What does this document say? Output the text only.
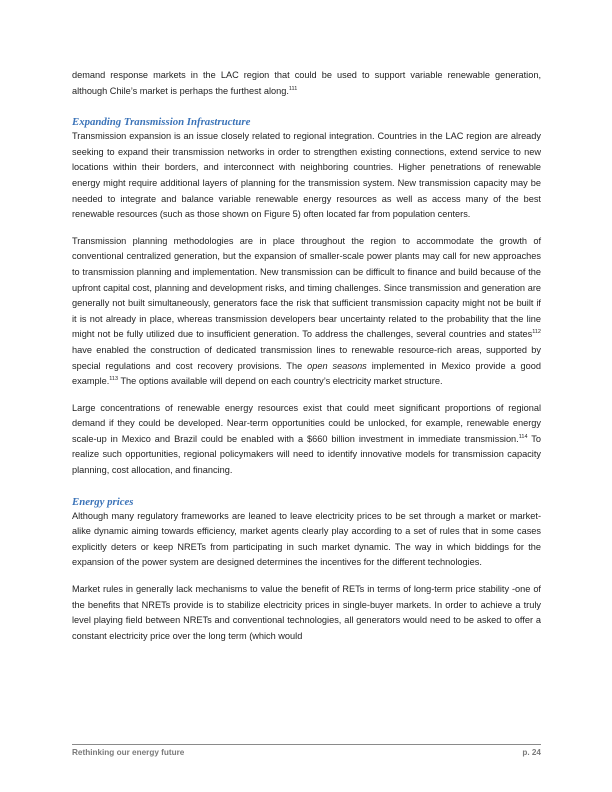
demand response markets in the LAC region that could be used to support variable renewable generation, although Chile’s market is perhaps the furthest along.$^{111}$

Expanding Transmission Infrastructure

Transmission expansion is an issue closely related to regional integration. Countries in the LAC region are already seeking to expand their transmission networks in order to strengthen existing connections, extend service to new locations within their borders, and interconnect with neighboring countries. Higher penetrations of renewable energy might require additional layers of planning for the transmission system. New transmission capacity may be needed to integrate and balance variable renewable energy resources as well as access many of the best renewable resources (such as those shown on Figure 5) often located far from population centers.

Transmission planning methodologies are in place throughout the region to accommodate the growth of conventional centralized generation, but the expansion of smaller-scale power plants may call for new approaches to transmission planning and implementation. New transmission can be difficult to finance and build because of the upfront capital cost, planning and development risks, and timing challenges. Since transmission and generation are generally not built simultaneously, generators face the risk that sufficient transmission capacity might not be built if it is not already in place, whereas transmission developers bear uncertainty related to the probability that the line might not be fully utilized due to insufficient generation. To address the challenges, several countries and states$^{112}$ have enabled the construction of dedicated transmission lines to renewable resource-rich areas, supported by special regulations and cost recovery provisions. The open seasons implemented in Mexico provide a good example.$^{113}$ The options available will depend on each country’s electricity market structure.

Large concentrations of renewable energy resources exist that could meet significant proportions of regional demand if they could be developed. Near-term opportunities could be unlocked, for example, renewable energy scale-up in Mexico and Brazil could be enabled with a $660 billion investment in immediate transmission.$^{114}$ To realize such opportunities, regional policymakers will need to identify innovative models for transmission capacity planning, cost allocation, and financing.

Energy prices

Although many regulatory frameworks are leaned to leave electricity prices to be set through a market or market-alike dynamic aiming towards efficiency, market agents clearly play according to a set of rules that in some cases explicitly deters or keep NRETs from participating in such market dynamic. The way in which biddings for the expansion of the power system are designed determines the incentives for the different technologies.

Market rules in generally lack mechanisms to value the benefit of RETs in terms of long-term price stability -one of the benefits that NRETs provide is to stabilize electricity prices in single-buyer markets. In order to achieve a truly level playing field between NRETs and conventional technologies, all generators would need to be asked to offer a constant electricity price over the long term (which would

Rethinking our energy future	p. 24
